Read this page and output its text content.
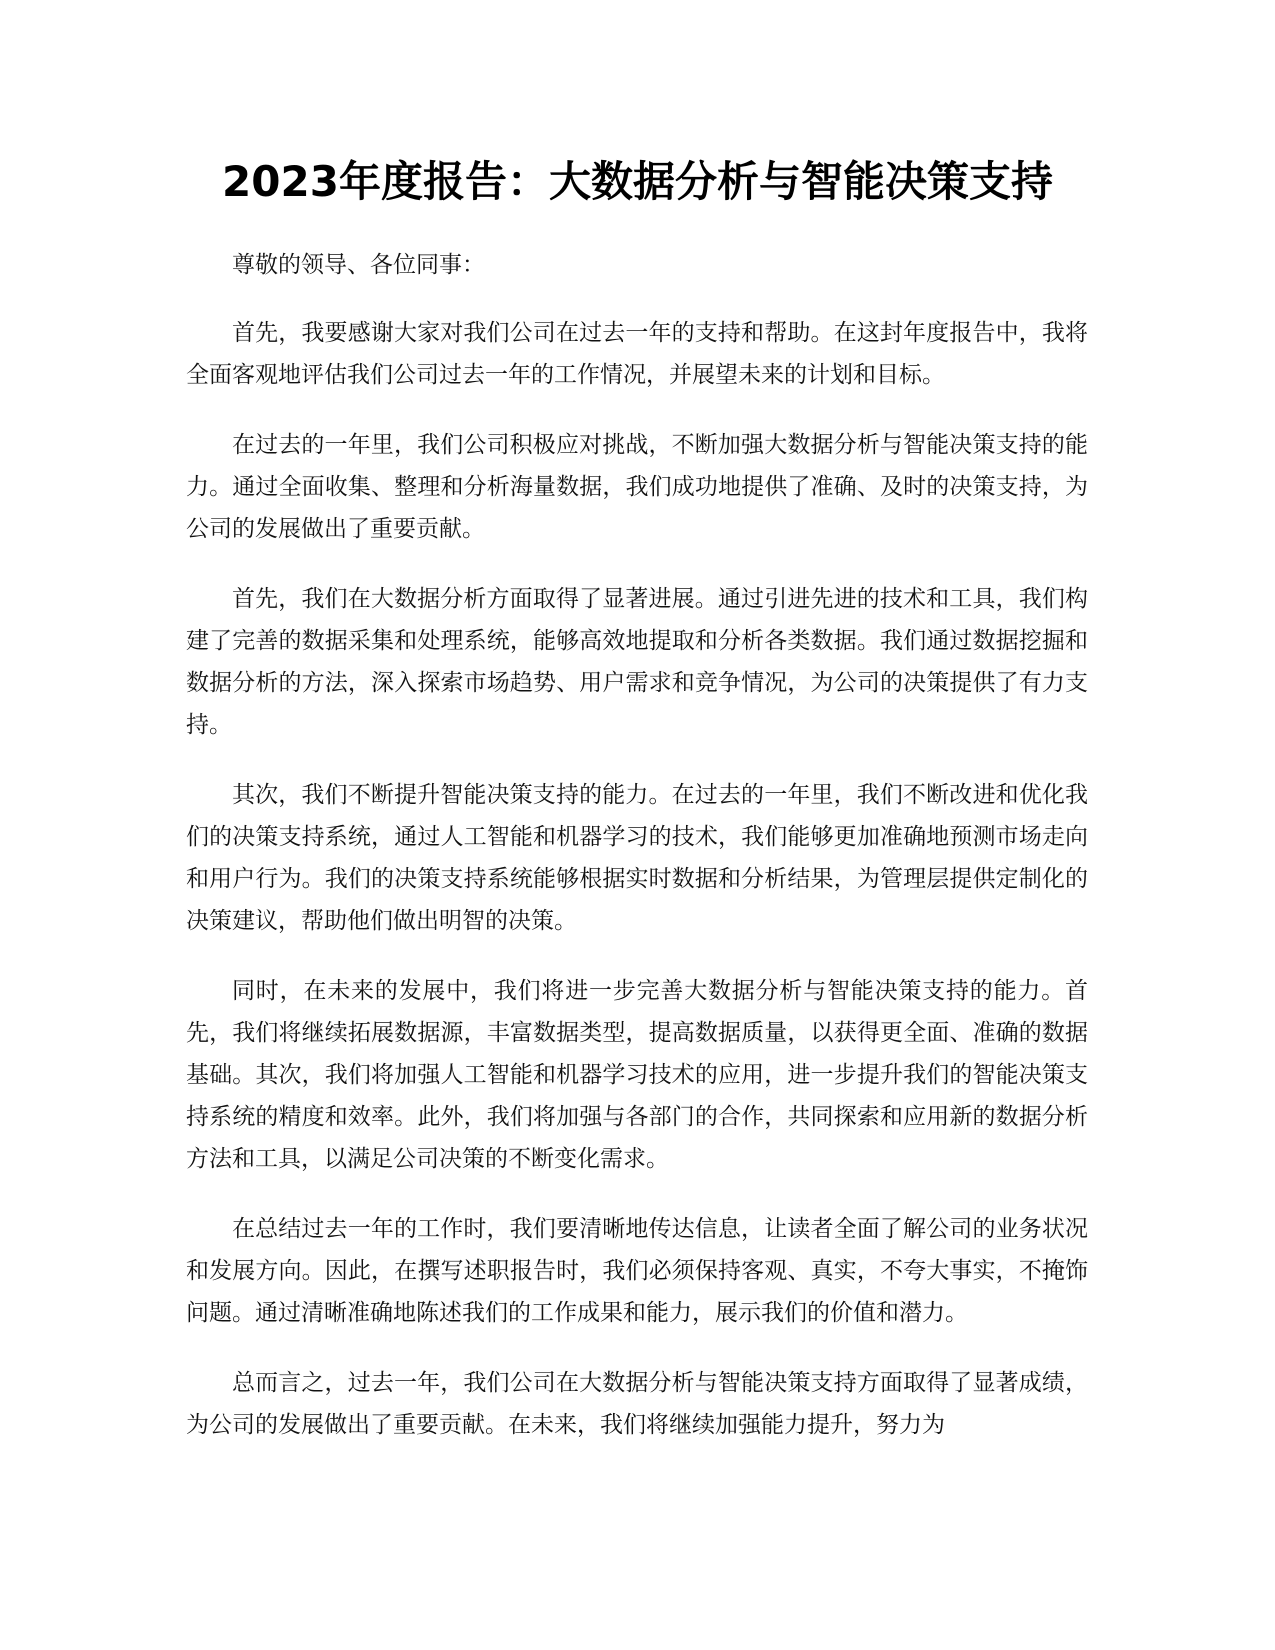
2023年度报告：大数据分析与智能决策支持

尊敬的领导、各位同事：

首先，我要感谢大家对我们公司在过去一年的支持和帮助。在这封年度报告中，我将全面客观地评估我们公司过去一年的工作情况，并展望未来的计划和目标。

在过去的一年里，我们公司积极应对挑战，不断加强大数据分析与智能决策支持的能力。通过全面收集、整理和分析海量数据，我们成功地提供了准确、及时的决策支持，为公司的发展做出了重要贡献。

首先，我们在大数据分析方面取得了显著进展。通过引进先进的技术和工具，我们构建了完善的数据采集和处理系统，能够高效地提取和分析各类数据。我们通过数据挖掘和数据分析的方法，深入探索市场趋势、用户需求和竞争情况，为公司的决策提供了有力支持。

其次，我们不断提升智能决策支持的能力。在过去的一年里，我们不断改进和优化我们的决策支持系统，通过人工智能和机器学习的技术，我们能够更加准确地预测市场走向和用户行为。我们的决策支持系统能够根据实时数据和分析结果，为管理层提供定制化的决策建议，帮助他们做出明智的决策。

同时，在未来的发展中，我们将进一步完善大数据分析与智能决策支持的能力。首先，我们将继续拓展数据源，丰富数据类型，提高数据质量，以获得更全面、准确的数据基础。其次，我们将加强人工智能和机器学习技术的应用，进一步提升我们的智能决策支持系统的精度和效率。此外，我们将加强与各部门的合作，共同探索和应用新的数据分析方法和工具，以满足公司决策的不断变化需求。

在总结过去一年的工作时，我们要清晰地传达信息，让读者全面了解公司的业务状况和发展方向。因此，在撰写述职报告时，我们必须保持客观、真实，不夸大事实，不掩饰问题。通过清晰准确地陈述我们的工作成果和能力，展示我们的价值和潜力。

总而言之，过去一年，我们公司在大数据分析与智能决策支持方面取得了显著成绩，为公司的发展做出了重要贡献。在未来，我们将继续加强能力提升，努力为
